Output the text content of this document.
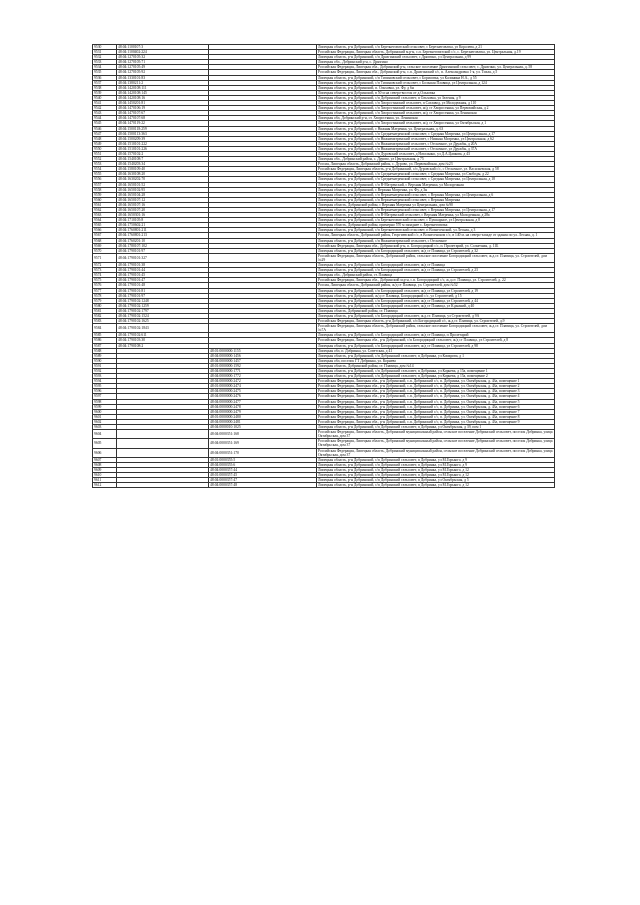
9530	48:04:1100107:3		Липецкая область, р-н Добринский, с/п Березнеговатский сельсовет, с Березнеговатка, ул Королева, д 21
9531	48:04:1100402:224		Российская Федерация, Липецкая область, Добринский м.р-н, с.п. Березнеговатский с/с, с. Березнеговатка, ул. Центральная, д.19
9532	48:04:1270105:32		Липецкая область, р-н Добринский, с/п Дрязгинский сельсовет, с Дрязгино, ул Центральная, д 99
9533	48:04:1270105:71		Липецкая обл., Добринский р-н, с. Дрязгино
9534	48:04:1270105:49		Российская Федерация, Липецкая обл., Добринский р-н, сельское поселение Дрязгинский сельсовет, с. Дрязгино, ул. Центральная, д. 58
9535	48:04:1270105:92		Российская Федерация, Липецкая обл., Добринский р-н, с.п. Дрязгинский с/с, п. Александровка 1-я, ул. Тихая, д 5
9536	48:04:1330101:83		Липецкая область, р-н Добринский, с/п Типиновский сельсовет, с Борисовка, ул Калинина Н.А., д 55
9537	48:04:1380211:2		Липецкая область, р-н Добринский, с/п Типиновский сельсовет, с Большая Плавица, ул Центральная, д 124
9538	48:04:1420108:111		Липецкая область, р-н Добринский, п. Ольховка, ул. Фу, д 6н
9539	48:04:1420108:145		Липецкая область, р-н Добринский, в 50 м на северо-восток от д.Ольховка
9540	48:04:1420108:16		Липецкая область, р-н Добринский, с/п Добринский сельсовет, п Ольховка, ул Зеленая, д 9
9541	48:04:1450201:81		Липецкая область, р-н Добринский, с/п Хворостянский сельсовет, п Сахзавод, ул Молодежная, д 110
9542	48:04:1470106:19		Липецкая область, р-н Добринский, с/п Хворостянский сельсовет, ж/д ст Хворостянка, ул Первомайская, д 2
9543	48:04:1470107:67		Липецкая область, р-н Добринский, с/п Хворостянский сельсовет, ж/д ст Хворостянка, ул Ленинская
9544	48:04:1470107:68		Липецкая обл, Добринский р-н, ст. Хворостянка, ул. Ленинская
9545	48:04:1470119:22		Липецкая область, р-н Добринский, с/п Хворостянский сельсовет, ж/д ст Хворостянка, ул Октябрьская, д 1
9546	48:04:1500118:259		Липецкая область, р-н Добринский, с Нижняя Матренка, ул. Центральная, д. 63
9547	48:04:1500113:363		Липецкая область, р-н Добринский, с/п Среднематренский сельсовет, с Средняя Матренка, ул Центральная, д 17
9548	48:04:1500209:39		Липецкая область, р-н Добринский, с/п Нижнематренский сельсовет, с Нижняя Матренка, ул Центральная, д 62
9549	48:04:1510101:222		Липецкая область, р-н Добринский, с/п Нижнематренский сельсовет, с Отскочное, ул Дружбы, д 20А
9550	48:04:1510101:226		Липецкая область, р-н Добринский, с/п Нижнематренский сельсовет, с Отскочное, ул Дружбы, д 37А
9551	48:04:1570102:2		Липецкая область, р-н Добринский, с/п Дуровский сельсовет, д Натальино, ул Д.А.Цапкова, д 43
9552	48:04:1540108:7		Липецкая обл., Добринский район, с. Дурово, ул Центральная, д 75
9553	48:04:1540203:34		Россия, Липецкая область, Добринский район, с. Дурово, ул. Первомайская, дом №23
9554	48:04:1580109:40		Российская Федерация, Липецкая область, р-н Добринский, с/п Дуровский с/с, с Отскочное, ул. Васильевская, д 58
9555	48:04:1630108:20		Липецкая область, р-н Добринский, с/п Среднематренский сельсовет, с Средняя Матренка, ул Свободы, д 22
9556	48:04:1630202:70		Липецкая область, р-н Добринский, с/п Среднематренский сельсовет, с Средняя Матренка, ул Центральная, д 18
9557	48:04:1650101:52		Липецкая область, р-н Добринский, с/п В-Матренский, с Верхняя Матренка, ул Молодежная
9558	48:04:1650102:95		Липецкая область, р-н Добринский, с Верхняя Матренка, ул. Фу, д 3н
9559	48:04:1650104:28		Липецкая область, р-н Добринский, с/п Верхнематренский сельсовет, с Верхняя Матренка, ул Центральная, д 6
9560	48:04:1650107:12		Липецкая область, р-н Добринский, с/п Верхнематренский сельсовет, с Верхняя Матренка
9561	48:04:1650107:16		Липецкая область, Добринский район, с Верхняя Матренка ул Центральная, дом №90
9562	48:04:1650107:20		Липецкая область, р-н Добринский, с/п Верхнематренский сельсовет, с Верхняя Матренка, ул Центральная, д 17
9563	48:04:1650301:16		Липецкая область, р-н Добринский, с/п В-Матренский сельсовет, с Верхняя Матренка, ул Молодежная, д 28а
9564	48:04:1710105:8		Липецкая область, р-н Добринский, с/п Березнеговатский сельсовет, с Пушкарное, ул Центральная, д 8
9565	48:04:1750602:21		Липецкая область, Добринский район, примерно 570 м западнее с. Березнеговатка
9566	48:04:1760801:211		Липецкая область, р-н Добринский, с/п Березнеговатский сельсовет, п Вознесенский, ул Лесная, д 3
9567	48:04:1760801:213		Россия, Липецкая область, Добринский район, Георгиевский с/с, в Вознесенском с/с, в 140 м. на северо-западе от здания по ул. Лесная, д. 1
9568	48:04:1760201:10		Липецкая область, р-н Добринский, с/п Нижнематренский сельсовет, с Отскочное
9569	48:04:1780107:102		Российская Федерация, Липецкая обл., Добринский р-н, п. Богородицкий с/с, п. Пролетарий, ул. Солнечная, д. 11Б
9570	48:04:1790101:97		Липецкая область, р-н Добринский, с/п Богородицкий сельсовет, ж/д ст Плавица, ул Строителей, д 32
9571	48:04:1790101:327		Российская Федерация, Липецкая область, Добринский район, сельское поселение Богородицкий сельсовет, ж.д.ст. Плавица, ул. Строителей, дом №29
9572	48:04:1790101:38		Липецкая область, р-н Добринский, с/п Богородицкий сельсовет, ж/д ст Плавица
9573	48:04:1790101:44		Липецкая область, р-н Добринский, с/п Богородицкий сельсовет, ж/д ст Плавица, ул Строителей, д 23
9574	48:04:1790101:45		Липецкая обл., Добринский район, ст. Плавица
9575	48:04:1790101:47		Российская Федерация, Липецкая обл., Добринский м.р-н, с.п. Богородицкий с/с, ж.д.ст. Плавица, ул. Строителей, д. 22
9576	48:04:1790101:48		Россия, Липецкая область, Добринский район, ж/д ст Плавица, ул. Строителей, дом №52
9577	48:04:1790101:81		Липецкая область, р-н Добринский, с/п Богородицкий сельсовет, ж/д ст Плавица, ул Строителей, д 19
9578	48:04:1790101:97		Липецкая область, р-н Добринский, ж/д ст Плавица, Богородицкий с/с, ул Строителей, д 15
9579	48:04:1790102:1248		Липецкая область, р-н Добринский, с/п Богородицкий сельсовет, ж/д ст Плавица, ул Строителей, д 44
9580	48:04:1790102:1259		Липецкая область, р-н Добринский, с/п Богородицкий сельсовет, ж/д ст Плавица, ул К.рнаний, д 40
9581	48:04:1790102:1797		Липецкая область, Добринский район, ст. Плавица
9582	48:04:1790102:1524		Липецкая область, р-н Добринский, с/п Богородицкий сельсовет, ж.д.ст. Плавица, ул Строителей, д 9А
9583	48:04:1790102:1625		Российская Федерация, Липецкая область, р-н Добринский, с/п Богородицкий с/с, ж.д.ст. Плавица, ул. Строителей, д.9
9584	48:04:1790102:1843		Российская Федерация, Липецкая область, Добринский район, сельское поселение Богородицкий сельсовет, ж.д.ст. Плавица, ул. Строителей, дом №7А
9585	48:04:1790102:611		Липецкая область, р-н Добринский, с/п Богородицкий сельсовет, ж/д ст Плавица, п Пролетарий
9586	48:04:1790103:30		Российская Федерация, Липецкая обл., р-н Добринский, с/п Богородицкий сельсовет, ж/д ст Плавица, ул Строителей, д 8
9587	48:04:1790108:2		Липецкая область, р-н Добринский, с/п Богородицкий сельсовет, ж/д ст Плавица, ул Строителей, д 98
9588		48:01:0000000:1155	Липецкая обл, п. Добринка, ул. Советская, д 41
9589		48:04:0000000:1456	Липецкая область, р-н Добринский, с/п Добринский сельсовет, п Добринка, ул Комарова, д 1
9590		48:04:0000000:1457	Липецкая обл, поселок ГТ Добринка, ул. Корнева
9591		48:01:0000000:1592	Липецкая область, Добринский район, ст. Плавица, дом №14
9592		48:04:0000000:1771	Липецкая область, р-н Добринский, с/п Добринский сельсовет, п Добринка, ул Корнева, д 15а, помещение 1
9593		48:04:0000000:1772	Липецкая область, р-н Добринский, с/п Добринский сельсовет, п Добринка, ул Корнева, д 15а, помещение 2
9594		48:04:0000000:2472	Российская Федерация, Липецкая обл., р-н Добринский, с.п. Добринский с/с, п. Добринка, ул. Октябрьская, д. 43а, помещение 1
9595		48:01:0000000:2474	Российская Федерация, Липецкая обл., р-н Добринский, с.п. Добринский с/с, п. Добринка, ул. Октябрьская, д. 43а, помещение 2
9596		48:04:0000000:2475	Российская Федерация, Липецкая обл., р-н Добринский, с.п. Добринский с/с, п. Добринка, ул. Октябрьская, д. 43а, помещение 3
9597		48:04:0000000:2476	Российская Федерация, Липецкая обл., р-н Добринский, с.п. Добринский с/с, п. Добринка, ул. Октябрьская, д. 43а, помещение 4
9598		48:04:0000000:2477	Российская Федерация, Липецкая обл., р-н Добринский, с.п. Добринский с/с, п. Добринка, ул. Октябрьская, д. 43а, помещение 5
9599		48:04:0000000:2478	Российская Федерация, Липецкая обл., р-н Добринский, с.п. Добринский с/с, п. Добринка, ул. Октябрьская, д. 43а, помещение 6
9600		48:04:0000000:2479	Российская Федерация, Липецкая обл., р-н Добринский, с.п. Добринский с/с, п. Добринка, ул. Октябрьская, д. 43а, помещение 7
9601		48:01:0000000:2480	Российская Федерация, Липецкая обл., р-н Добринский, с.п. Добринский с/с, п. Добринка, ул. Октябрьская, д. 43а, помещение 8
9602		48:04:0000000:2481	Российская Федерация, Липецкая обл., р-н Добринский, с.п. Добринский с/с, п. Добринка, ул. Октябрьская, д. 43а, помещение 9
9603		48:04:0000010:1025	Липецкая область, р-н Добринский, с/п Добринский сельсовет, п Добринка, ул Октябрьская, д 39, пом 1
9604		48:04:0000351:168	Российская Федерация, Липецкая область, Добринский муниципальный район, сельское поселение Добринский сельсовет, поселок Добринка, улица Октябрьская, дом 37
9605		48:04:0000351:169	Российская Федерация, Липецкая область, Добринский муниципальный район, сельское поселение Добринский сельсовет, поселок Добринка, улица Октябрьская, дом 37
9606		48:04:0000351:170	Российская Федерация, Липецкая область, Добринский муниципальный район, сельское поселение Добринский сельсовет, поселок Добринка, улица Октябрьская, дом 37
9607		48:01:0000355:5	Липецкая область, р-н Добринский, с/п Добринский сельсовет, п Добринка, ул М.Горького, д 9
9608		48:04:0000355:6	Липецкая область, р-н Добринский, с/п Добринский сельсовет, п Добринка, ул М.Горького, д 9
9609		48:04:0000357:44	Липецкая область, р-н Добринский, с/п Добринский сельсовет, п Добринка, ул М.Горького, д 12
9610		48:01:0000357:45	Липецкая область, р-н Добринский, с/п Добринский сельсовет, п Добринка, ул М.Горького, д 12
9611		48:04:0000357:47	Липецкая область, р-н Добринский, с/п Добринский сельсовет, п Добринка, ул Октябрьская, д 5
9612		48:04:0000357:48	Липецкая область, р-н Добринский, с/п Добринский сельсовет, п Добринка, ул М.Горького, д 12
